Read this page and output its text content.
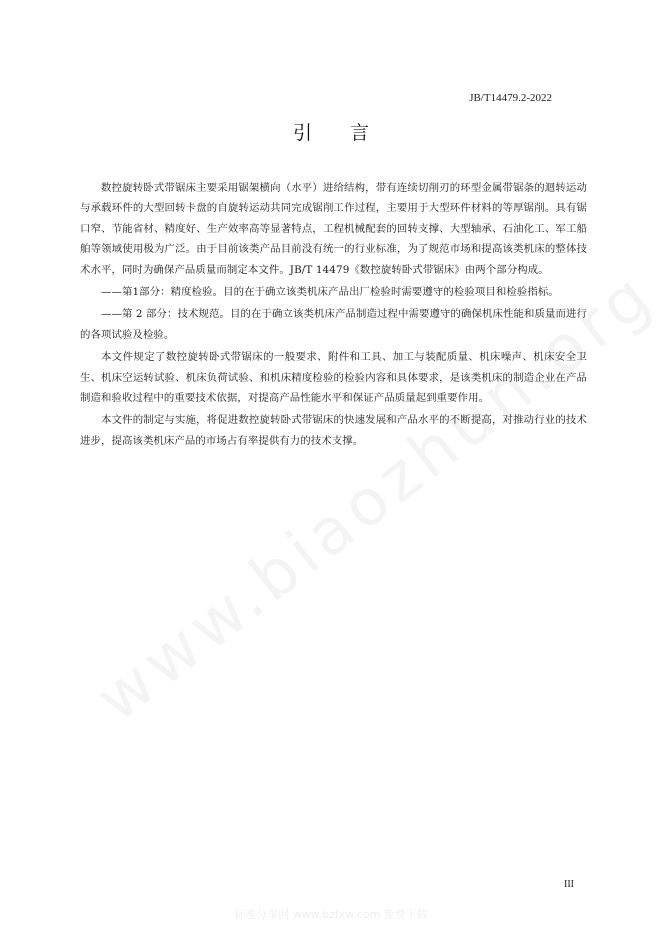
JB/T14479.2-2022
引言

数控旋转卧式带锯床主要采用锯架横向（水平）进给结构，带有连续切削刃的环型金属带锯条的迴转运动与承载环件的大型回转卡盘的自旋转运动共同完成锯削工作过程，主要用于大型环件材料的等厚锯削。具有锯口窄、节能省材、精度好、生产效率高等显著特点，工程机械配套的回转支撑、大型轴承、石油化工、军工船舶等领域使用极为广泛。由于目前该类产品目前没有统一的行业标准，为了规范市场和提高该类机床的整体技术水平，同时为确保产品质量而制定本文件。JB/T 14479《数控旋转卧式带锯床》由两个部分构成。

——第1部分：精度检验。目的在于确立该类机床产品出厂检验时需要遵守的检验项目和检验指标。

——第 2 部分：技术规范。目的在于确立该类机床产品制造过程中需要遵守的确保机床性能和质量而进行的各项试验及检验。

本文件规定了数控旋转卧式带锯床的一般要求、附件和工具、加工与装配质量、机床噪声、机床安全卫生、机床空运转试验、机床负荷试验、和机床精度检验的检验内容和具体要求，是该类机床的制造企业在产品制造和验收过程中的重要技术依据，对提高产品性能水平和保证产品质量起到重要作用。

本文件的制定与实施，将促进数控旋转卧式带锯床的快速发展和产品水平的不断提高，对推动行业的技术进步，提高该类机床产品的市场占有率提供有力的技术支撑。

III
标准分享网 www.bzfxw.com 免费下载
